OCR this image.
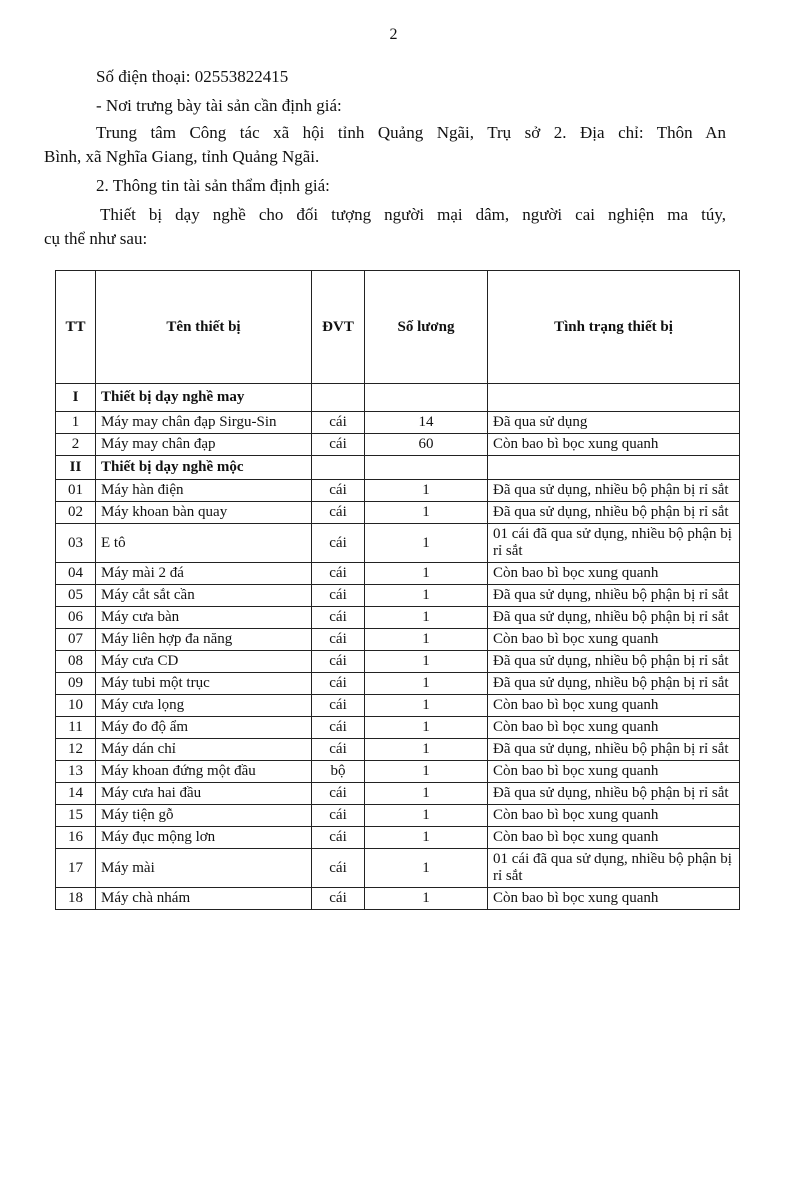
2
Số điện thoại: 02553822415
- Nơi trưng bày tài sản cần định giá:
Trung tâm Công tác xã hội tỉnh Quảng Ngãi, Trụ sở 2. Địa chỉ: Thôn An
Bình, xã Nghĩa Giang, tỉnh Quảng Ngãi.
2. Thông tin tài sản thẩm định giá:
Thiết bị dạy nghề cho đối tượng người mại dâm, người cai nghiện ma túy,
cụ thể như sau:
TT	Tên thiết bị	ĐVT	Số lương	Tình trạng thiết bị
I	Thiết bị dạy nghề may			
1	Máy may chân đạp Sirgu-Sin	cái	14	Đã qua sử dụng
2	Máy may chân đạp	cái	60	Còn bao bì bọc xung quanh
II	Thiết bị dạy nghề mộc			
01	Máy hàn điện	cái	1	Đã qua sử dụng, nhiều bộ phận bị rỉ sắt
02	Máy khoan bàn quay	cái	1	Đã qua sử dụng, nhiều bộ phận bị rỉ sắt
03	E tô	cái	1	01 cái đã qua sử dụng, nhiều bộ phận bị rỉ sắt
04	Máy mài 2 đá	cái	1	Còn bao bì bọc xung quanh
05	Máy cắt sắt cần	cái	1	Đã qua sử dụng, nhiều bộ phận bị rỉ sắt
06	Máy cưa bàn	cái	1	Đã qua sử dụng, nhiều bộ phận bị rỉ sắt
07	Máy liên hợp đa năng	cái	1	Còn bao bì bọc xung quanh
08	Máy cưa CD	cái	1	Đã qua sử dụng, nhiều bộ phận bị rỉ sắt
09	Máy tubi một trục	cái	1	Đã qua sử dụng, nhiều bộ phận bị rỉ sắt
10	Máy cưa lọng	cái	1	Còn bao bì bọc xung quanh
11	Máy đo độ ẩm	cái	1	Còn bao bì bọc xung quanh
12	Máy dán chỉ	cái	1	Đã qua sử dụng, nhiều bộ phận bị rỉ sắt
13	Máy khoan đứng một đầu	bộ	1	Còn bao bì bọc xung quanh
14	Máy cưa hai đầu	cái	1	Đã qua sử dụng, nhiều bộ phận bị rỉ sắt
15	Máy tiện gỗ	cái	1	Còn bao bì bọc xung quanh
16	Máy đục mộng lơn	cái	1	Còn bao bì bọc xung quanh
17	Máy mài	cái	1	01 cái đã qua sử dụng, nhiều bộ phận bị rỉ sắt
18	Máy chà nhám	cái	1	Còn bao bì bọc xung quanh
